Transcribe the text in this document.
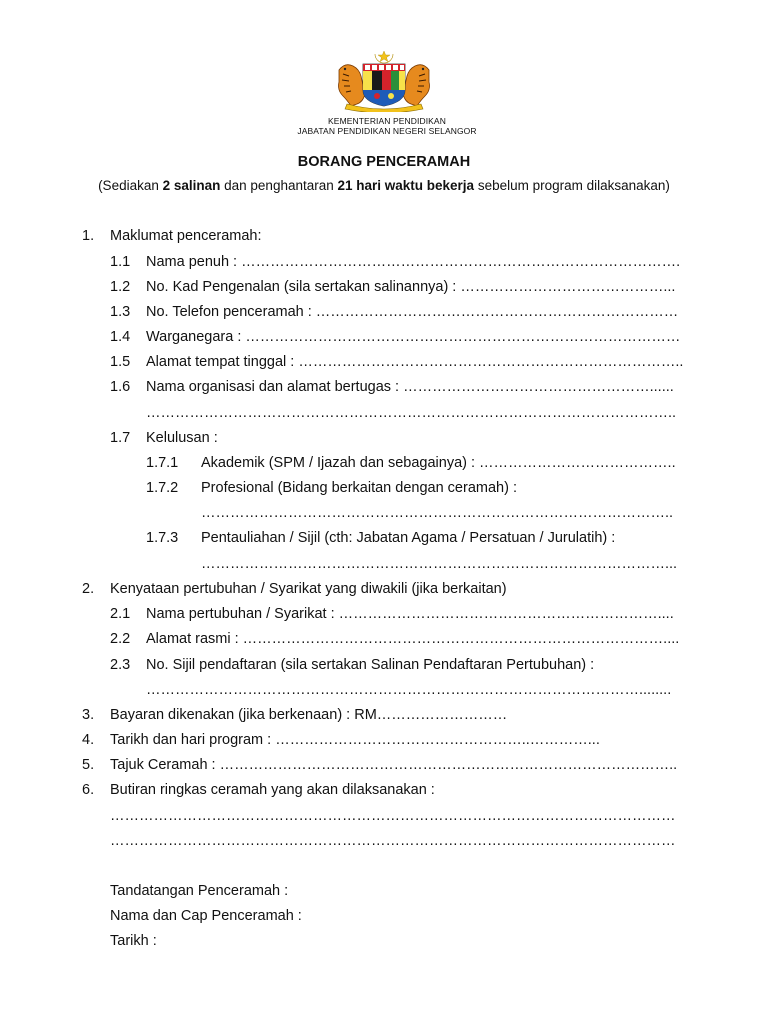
KEMENTERIAN PENDIDIKAN
JABATAN PENDIDIKAN NEGERI SELANGOR
BORANG PENCERAMAH
(Sediakan 2 salinan dan penghantaran 21 hari waktu bekerja sebelum program dilaksanakan)
1. Maklumat penceramah:
1.1 Nama penuh : ……………………………………………………………………………….
1.2 No. Kad Pengenalan (sila sertakan salinannya) : ……………………………………...
1.3 No. Telefon penceramah : …………………………………………………………………
1.4 Warganegara : ………………………………………………………………………………
1.5 Alamat tempat tinggal : ……………………………………………………………………..
1.6 Nama organisasi dan alamat bertugas : ……………………………………………......
………………………………………………………………………………………………..
1.7 Kelulusan :
1.7.1 Akademik (SPM / Ijazah dan sebagainya) : …………………………………..
1.7.2 Profesional (Bidang berkaitan dengan ceramah) :
……………………………………………………………………………………..
1.7.3 Pentauliahan / Sijil (cth: Jabatan Agama / Persatuan / Jurulatih) :
……………………………………………………………………………………...
2. Kenyataan pertubuhan / Syarikat yang diwakili (jika berkaitan)
2.1 Nama pertubuhan / Syarikat : …………………………………………………………....
2.2 Alamat rasmi : ……………………………………………………………………………....
2.3 No. Sijil pendaftaran (sila sertakan Salinan Pendaftaran Pertubuhan) :
…………………………………………………………………………………………........
3. Bayaran dikenakan (jika berkenaan) : RM………………………
4. Tarikh dan hari program : ……………………………………………..…………...
5. Tajuk Ceramah : …………………………………………………………………………………..
6. Butiran ringkas ceramah yang akan dilaksanakan :
………………………………………………………………………………………………………
………………………………………………………………………………………………………
Tandatangan Penceramah :
Nama dan Cap Penceramah :
Tarikh :
